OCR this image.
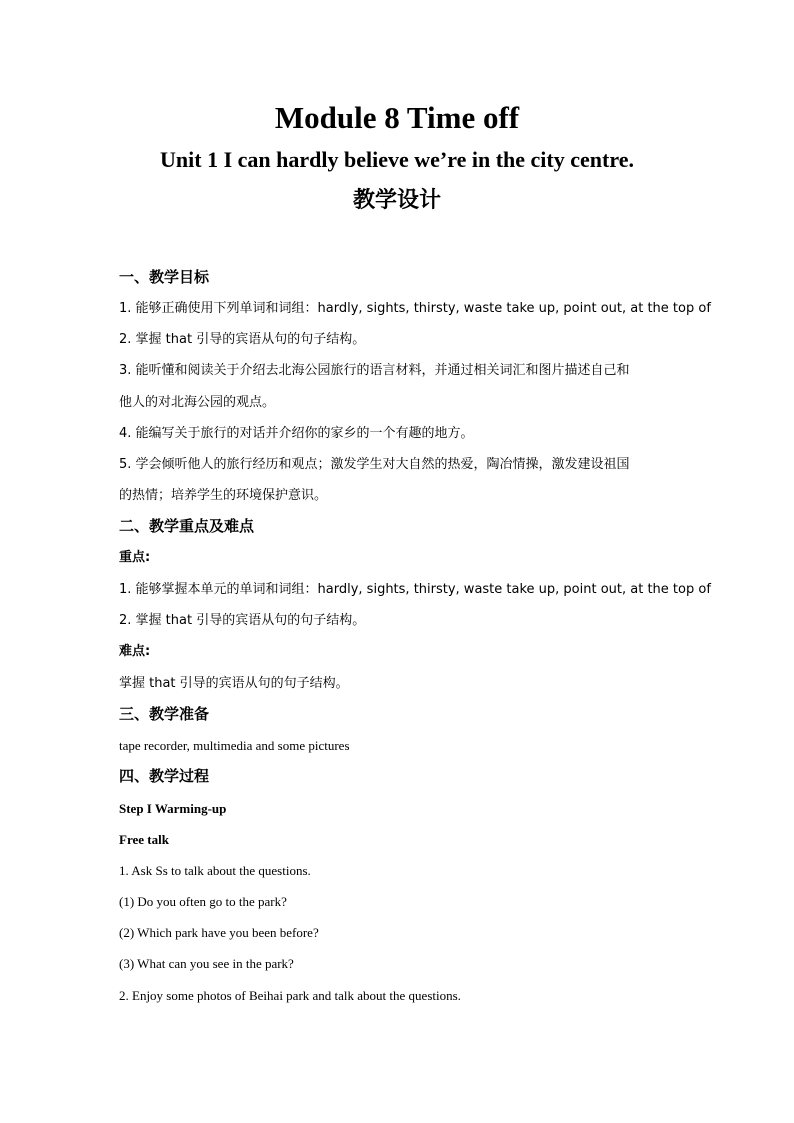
Module 8 Time off
Unit 1 I can hardly believe we’re in the city centre.
教学设计
一、教学目标
1. 能够正确使用下列单词和词组：hardly, sights, thirsty, waste take up, point out, at the top of
2. 掌握 that 引导的宾语从句的句子结构。
3. 能听懂和阅读关于介绍去北海公园旅行的语言材料，并通过相关词汇和图片描述自己和
他人的对北海公园的观点。
4. 能编写关于旅行的对话并介绍你的家乡的一个有趣的地方。
5. 学会倾听他人的旅行经历和观点；激发学生对大自然的热爱，陶冶情操，激发建设祖国
的热情；培养学生的环境保护意识。
二、教学重点及难点
重点:
1. 能够掌握本单元的单词和词组：hardly, sights, thirsty, waste take up, point out, at the top of
2. 掌握 that 引导的宾语从句的句子结构。
难点:
掌握 that 引导的宾语从句的句子结构。
三、教学准备
tape recorder, multimedia and some pictures
四、教学过程
Step I Warming-up
Free talk
1. Ask Ss to talk about the questions.
(1) Do you often go to the park?
(2) Which park have you been before?
(3) What can you see in the park?
2. Enjoy some photos of Beihai park and talk about the questions.
